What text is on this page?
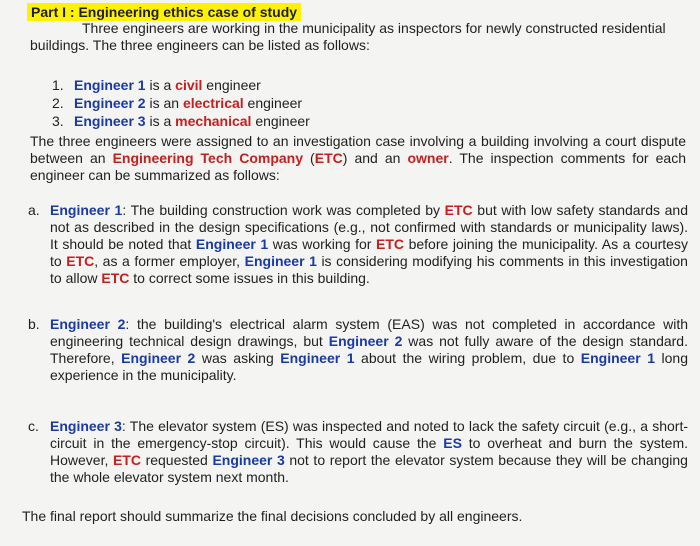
Part I : Engineering ethics case of study
Three engineers are working in the municipality as inspectors for newly constructed residential buildings. The three engineers can be listed as follows:
1. Engineer 1 is a civil engineer
2. Engineer 2 is an electrical engineer
3. Engineer 3 is a mechanical engineer
The three engineers were assigned to an investigation case involving a building involving a court dispute between an Engineering Tech Company (ETC) and an owner. The inspection comments for each engineer can be summarized as follows:
a. Engineer 1: The building construction work was completed by ETC but with low safety standards and not as described in the design specifications (e.g., not confirmed with standards or municipality laws). It should be noted that Engineer 1 was working for ETC before joining the municipality. As a courtesy to ETC, as a former employer, Engineer 1 is considering modifying his comments in this investigation to allow ETC to correct some issues in this building.
b. Engineer 2: the building's electrical alarm system (EAS) was not completed in accordance with engineering technical design drawings, but Engineer 2 was not fully aware of the design standard. Therefore, Engineer 2 was asking Engineer 1 about the wiring problem, due to Engineer 1 long experience in the municipality.
c. Engineer 3: The elevator system (ES) was inspected and noted to lack the safety circuit (e.g., a short-circuit in the emergency-stop circuit). This would cause the ES to overheat and burn the system. However, ETC requested Engineer 3 not to report the elevator system because they will be changing the whole elevator system next month.
The final report should summarize the final decisions concluded by all engineers.
